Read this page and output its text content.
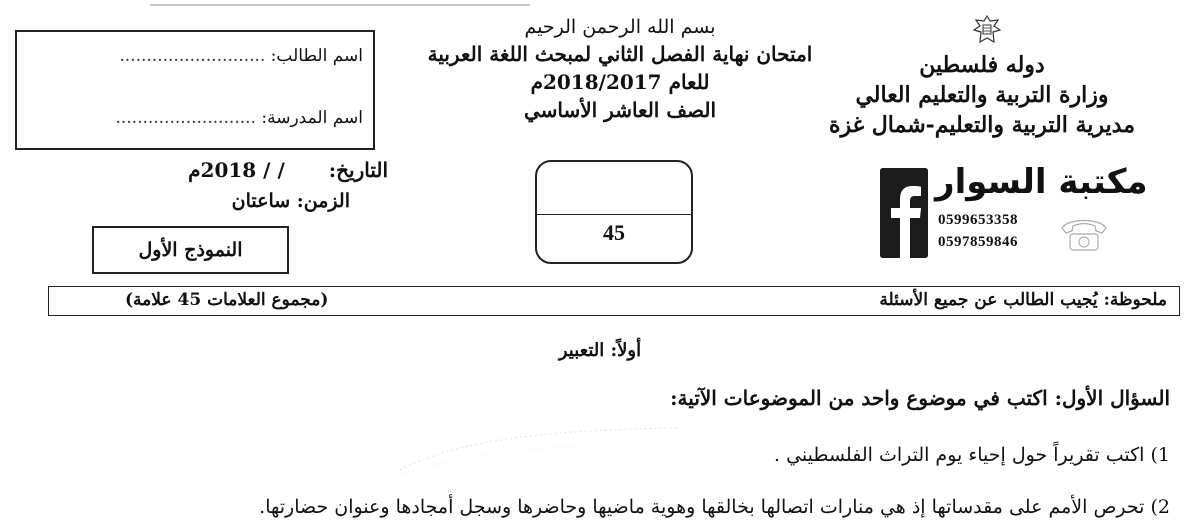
بسم الله الرحمن الرحيم
امتحان نهاية الفصل الثاني لمبحث اللغة العربية
للعام 2018/2017م
الصف العاشر الأساسي
دوله فلسطين
وزارة التربية والتعليم العالي
مديرية التربية والتعليم-شمال غزة
اسم الطالب: ...........................
اسم المدرسة: ..........................
التاريخ:  / / 2018م
الزمن: ساعتان
النموذج الأول
45
مكتبة السوار
0599653358
0597859846
ملحوظة: يُجيب الطالب عن جميع الأسئلة
(مجموع العلامات 45 علامة)
أولاً: التعبير
السؤال الأول: اكتب في موضوع واحد من الموضوعات الآتية:
1) اكتب تقريراً حول إحياء يوم التراث الفلسطيني .
2) تحرص الأمم على مقدساتها إذ هي منارات اتصالها بخالقها وهوية ماضيها وحاضرها وسجل أمجادها وعنوان حضارتها.
